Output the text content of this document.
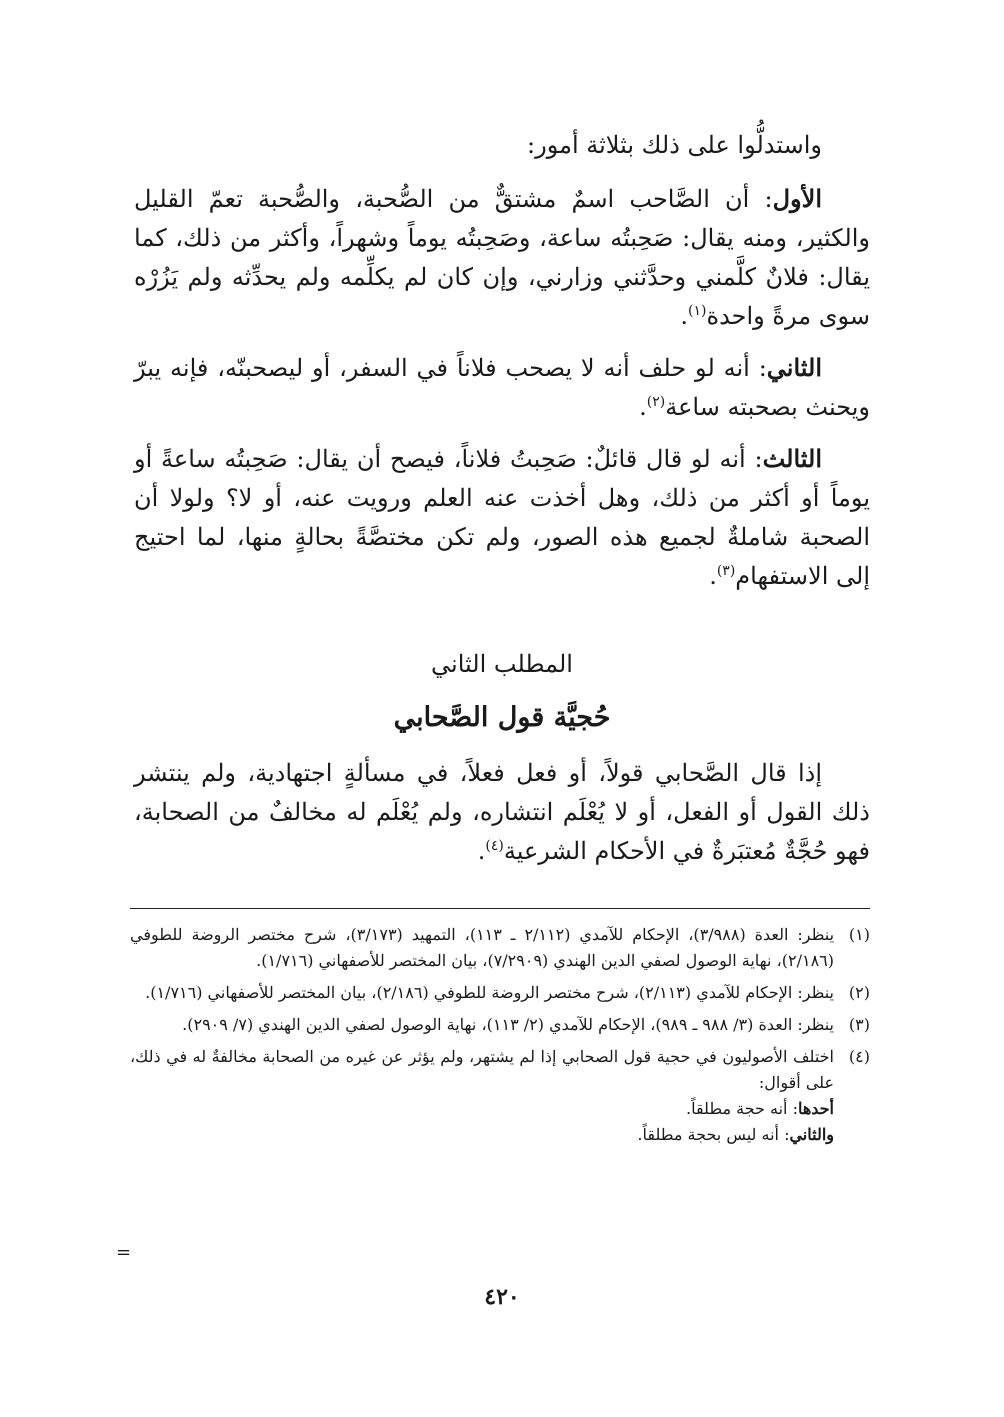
واستدلُّوا على ذلك بثلاثة أمور:

الأول: أن الصَّاحب اسمٌ مشتقٌّ من الصُّحبة، والصُّحبة تعمّ القليل والكثير، ومنه يقال: صَحِبتُه ساعة، وصَحِبتُه يوماً وشهراً، وأكثر من ذلك، كما يقال: فلانٌ كلَّمني وحدَّثني وزارني، وإن كان لم يكلِّمه ولم يحدِّثه ولم يَزُرْه سوى مرةً واحدة$^{(١)}$.

الثاني: أنه لو حلف أنه لا يصحب فلاناً في السفر، أو ليصحبنّه، فإنه يبرّ ويحنث بصحبته ساعة$^{(٢)}$.

الثالث: أنه لو قال قائلٌ: صَحِبتُ فلاناً، فيصح أن يقال: صَحِبتُه ساعةً أو يوماً أو أكثر من ذلك، وهل أخذت عنه العلم ورويت عنه، أو لا؟ ولولا أن الصحبة شاملةٌ لجميع هذه الصور، ولم تكن مختصَّةً بحالةٍ منها، لما احتيج إلى الاستفهام$^{(٣)}$.

المطلب الثاني
حُجيَّة قول الصَّحابي

إذا قال الصَّحابي قولاً، أو فعل فعلاً، في مسألةٍ اجتهادية، ولم ينتشر ذلك القول أو الفعل، أو لا يُعْلَم انتشاره، ولم يُعْلَم له مخالفٌ من الصحابة، فهو حُجَّةٌ مُعتبَرةٌ في الأحكام الشرعية$^{(٤)}$.

(١)
ينظر: العدة (٣/٩٨٨)، الإحكام للآمدي (٢/١١٢ ـ ١١٣)، التمهيد (٣/١٧٣)، شرح مختصر الروضة للطوفي (٢/١٨٦)، نهاية الوصول لصفي الدين الهندي (٧/٢٩٠٩)، بيان المختصر للأصفهاني (١/٧١٦).
(٢)
ينظر: الإحكام للآمدي (٢/١١٣)، شرح مختصر الروضة للطوفي (٢/١٨٦)، بيان المختصر للأصفهاني (١/٧١٦).
(٣)
ينظر: العدة (٣/ ٩٨٨ ـ ٩٨٩)، الإحكام للآمدي (٢/ ١١٣)، نهاية الوصول لصفي الدين الهندي (٧/ ٢٩٠٩).
(٤)
اختلف الأصوليون في حجية قول الصحابي إذا لم يشتهر، ولم يؤثر عن غيره من الصحابة مخالفةٌ له في ذلك، على أقوال:
أحدها: أنه حجة مطلقاً.
والثاني: أنه ليس بحجة مطلقاً.
=
٤٢٠
